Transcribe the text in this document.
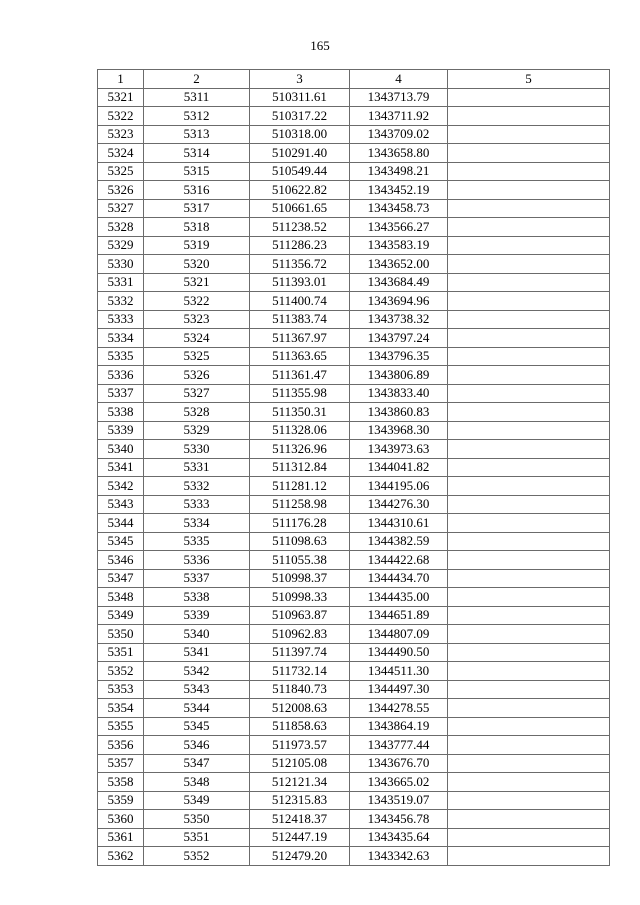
165
1	2	3	4	5
5321	5311	510311.61	1343713.79	
5322	5312	510317.22	1343711.92	
5323	5313	510318.00	1343709.02	
5324	5314	510291.40	1343658.80	
5325	5315	510549.44	1343498.21	
5326	5316	510622.82	1343452.19	
5327	5317	510661.65	1343458.73	
5328	5318	511238.52	1343566.27	
5329	5319	511286.23	1343583.19	
5330	5320	511356.72	1343652.00	
5331	5321	511393.01	1343684.49	
5332	5322	511400.74	1343694.96	
5333	5323	511383.74	1343738.32	
5334	5324	511367.97	1343797.24	
5335	5325	511363.65	1343796.35	
5336	5326	511361.47	1343806.89	
5337	5327	511355.98	1343833.40	
5338	5328	511350.31	1343860.83	
5339	5329	511328.06	1343968.30	
5340	5330	511326.96	1343973.63	
5341	5331	511312.84	1344041.82	
5342	5332	511281.12	1344195.06	
5343	5333	511258.98	1344276.30	
5344	5334	511176.28	1344310.61	
5345	5335	511098.63	1344382.59	
5346	5336	511055.38	1344422.68	
5347	5337	510998.37	1344434.70	
5348	5338	510998.33	1344435.00	
5349	5339	510963.87	1344651.89	
5350	5340	510962.83	1344807.09	
5351	5341	511397.74	1344490.50	
5352	5342	511732.14	1344511.30	
5353	5343	511840.73	1344497.30	
5354	5344	512008.63	1344278.55	
5355	5345	511858.63	1343864.19	
5356	5346	511973.57	1343777.44	
5357	5347	512105.08	1343676.70	
5358	5348	512121.34	1343665.02	
5359	5349	512315.83	1343519.07	
5360	5350	512418.37	1343456.78	
5361	5351	512447.19	1343435.64	
5362	5352	512479.20	1343342.63	
